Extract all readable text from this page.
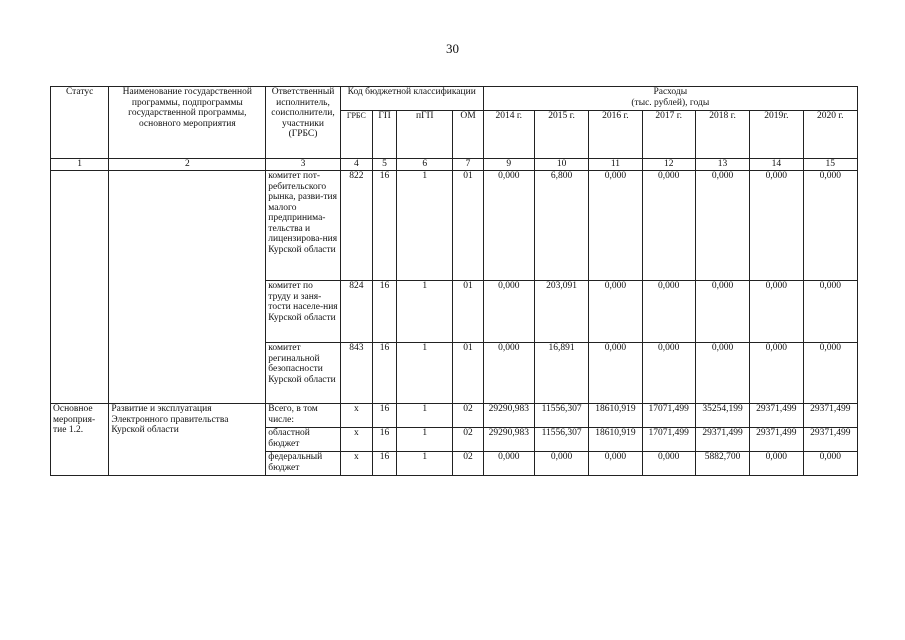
30
Статус	Наименование государственной программы, подпрограммы государственной программы, основного мероприятия	Ответственный исполнитель, соисполнители, участники (ГРБС)	Код бюджетной классификации				Расходы
(тыс. рублей), годы						

			ГРБС	ГП	пГП	ОМ	2014 г.	2015 г.	2016 г.	2017 г.	2018 г.	2019г.	2020 г.
1	2	3	4	5	6	7	9	10	11	12	13	14	15
		комитет пот-ребительского рынка, разви-тия малого предпринима-тельства и лицензирова-ния Курской области	822	16	1	01	0,000	6,800	0,000	0,000	0,000	0,000	0,000
		комитет по труду и заня-тости населе-ния Курской области	824	16	1	01	0,000	203,091	0,000	0,000	0,000	0,000	0,000
		комитет регинальной безопасности Курской области	843	16	1	01	0,000	16,891	0,000	0,000	0,000	0,000	0,000
Основное мероприя-тие 1.2.	Развитие и эксплуатация Электронного правительства Курской области	Всего, в том числе:	х	16	1	02	29290,983	11556,307	18610,919	17071,499	35254,199	29371,499	29371,499
		областной бюджет	х	16	1	02	29290,983	11556,307	18610,919	17071,499	29371,499	29371,499	29371,499
		федеральный бюджет	х	16	1	02	0,000	0,000	0,000	0,000	5882,700	0,000	0,000
